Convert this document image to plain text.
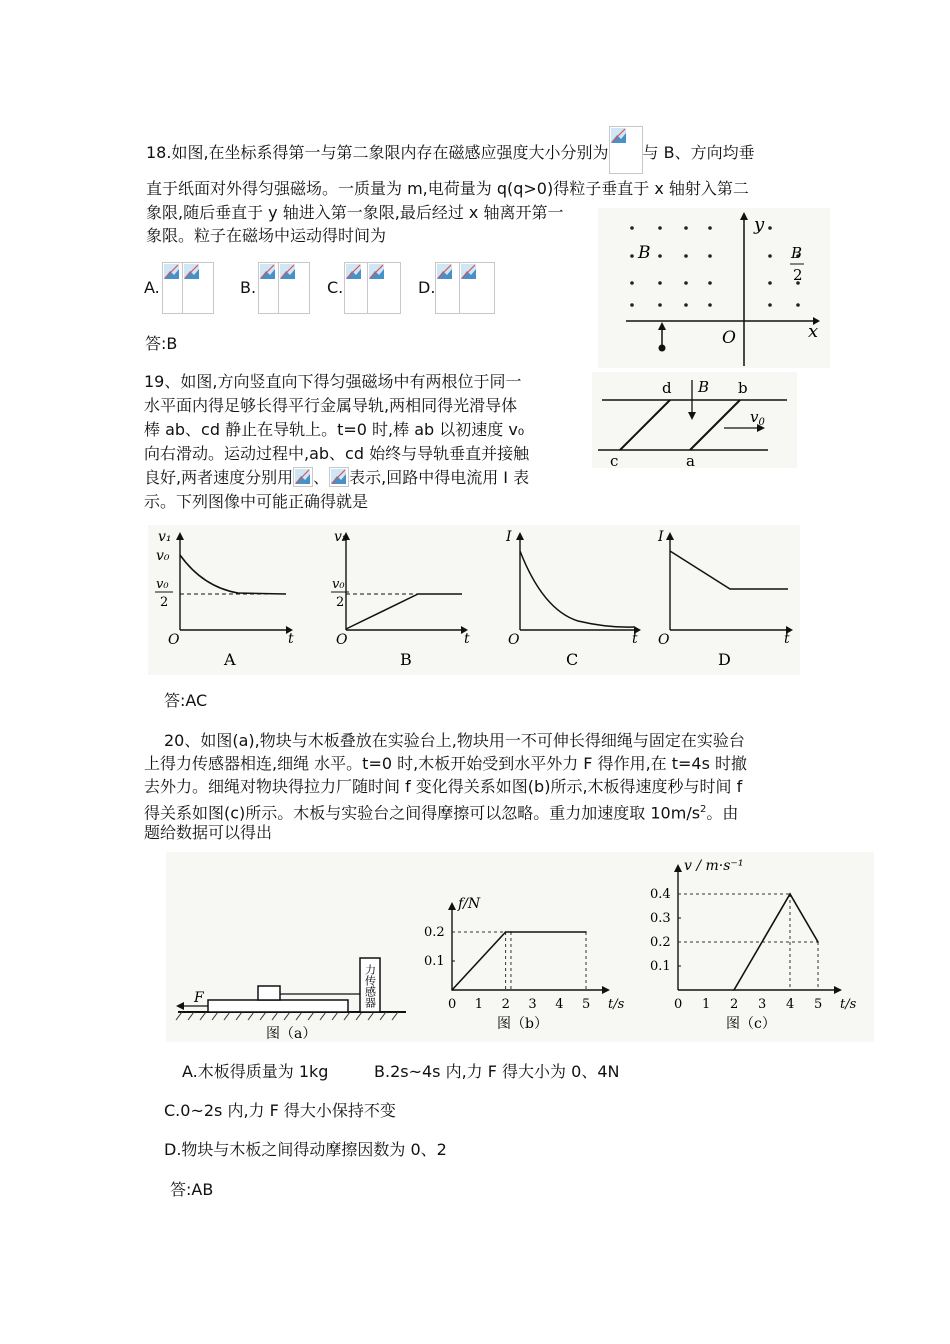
18.如图,在坐标系得第一与第二象限内存在磁感应强度大小分别为 与 B、方向均垂
直于纸面对外得匀强磁场。一质量为 m,电荷量为 q(q>0)得粒子垂直于 x 轴射入第二
象限,随后垂直于 y 轴进入第一象限,最后经过 x 轴离开第一
象限。粒子在磁场中运动得时间为
A.	B.	C.	D.
答:B
B	B
2
y
x
O
19、如图,方向竖直向下得匀强磁场中有两根位于同一
水平面内得足够长得平行金属导轨,两相同得光滑导体
棒 ab、cd 静止在导轨上。t=0 时,棒 ab 以初速度 v₀
向右滑动。运动过程中,ab、cd 始终与导轨垂直并接触
良好,两者速度分别用 、 表示,回路中得电流用 I 表
示。下列图像中可能正确得就是
d B b
$v_0$
c	a
v₁
v₀
v₀
2
O	t
A
v₂
v₀
2
O	t
B
I
O	t
C
I
O	t
D
答:AC
20、如图(a),物块与木板叠放在实验台上,物块用一不可伸长得细绳与固定在实验台
上得力传感器相连,细绳 水平。t=0 时,木板开始受到水平外力 F 得作用,在 t=4s 时撤
去外力。细绳对物块得拉力厂随时间 f 变化得关系如图(b)所示,木板得速度秒与时间 f
得关系如图(c)所示。木板与实验台之间得摩擦可以忽略。重力加速度取 $10m/s^2$。由
题给数据可以得出
力传感器
F
图（a）
0 1 2 3 4 5
0.1
0.2
f/N
t/s
图（b）
0 1 2 3 4 5
0.1
0.2
0.3
0.4
v / m·s⁻¹
t/s
图（c）
A.木板得质量为 1kg	B.2s~4s 内,力 F 得大小为 0、4N
C.0~2s 内,力 F 得大小保持不变
D.物块与木板之间得动摩擦因数为 0、2
答:AB
